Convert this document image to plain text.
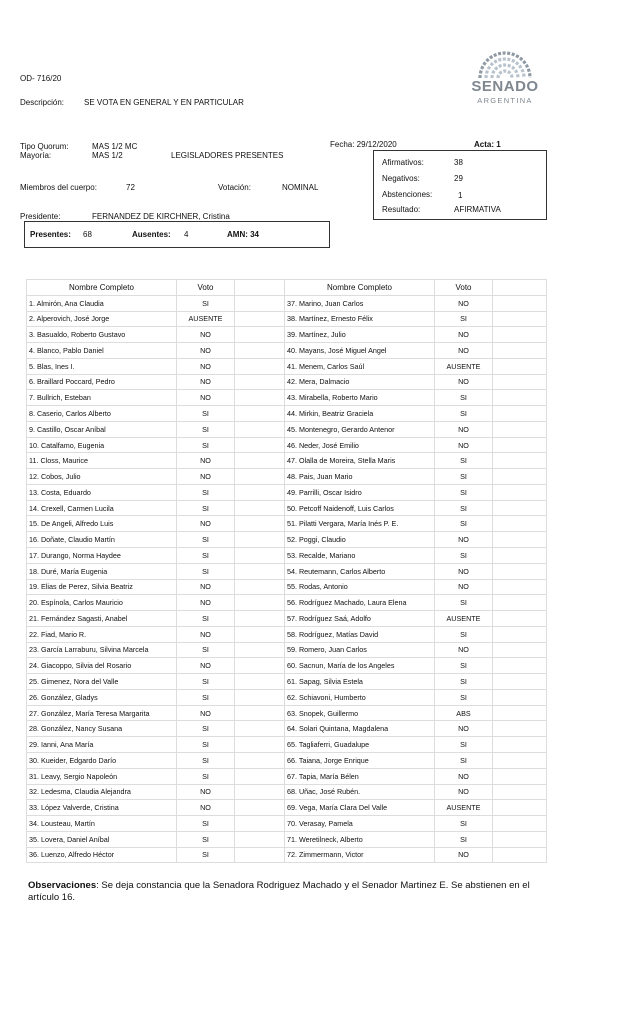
OD- 716/20
Descripción: SE VOTA EN GENERAL Y EN PARTICULAR
SENADO
ARGENTINA
Tipo Quorum:	MAS 1/2 MC
Mayoría:	MAS 1/2	LEGISLADORES PRESENTES
Fecha: 29/12/2020	Acta: 1
Miembros del cuerpo:	72	Votación:	NOMINAL
Presidente:	FERNANDEZ DE KIRCHNER, Cristina
Afirmativos:	38
Negativos:	29
Abstenciones:	1
Resultado:	AFIRMATIVA
Presentes: 68	Ausentes: 4	AMN: 34
Nombre Completo	Voto		Nombre Completo	Voto	
1. Almirón, Ana Claudia	SI		37. Marino, Juan Carlos	NO	
2. Alperovich, José Jorge	AUSENTE		38. Martínez, Ernesto Félix	SI	
3. Basualdo, Roberto Gustavo	NO		39. Martínez, Julio	NO	
4. Blanco, Pablo Daniel	NO		40. Mayans, José Miguel Angel	NO	
5. Blas, Ines I.	NO		41. Menem, Carlos Saúl	AUSENTE	
6. Braillard Poccard, Pedro	NO		42. Mera, Dalmacio	NO	
7. Bullrich, Esteban	NO		43. Mirabella, Roberto Mario	SI	
8. Caserio, Carlos Alberto	SI		44. Mirkin, Beatriz Graciela	SI	
9. Castillo, Oscar Aníbal	SI		45. Montenegro, Gerardo Antenor	NO	
10. Catalfamo, Eugenia	SI		46. Neder, José Emilio	NO	
11. Closs, Maurice	NO		47. Olalla de Moreira, Stella Maris	SI	
12. Cobos, Julio	NO		48. Pais, Juan Mario	SI	
13. Costa, Eduardo	SI		49. Parrilli, Oscar Isidro	SI	
14. Crexell, Carmen Lucila	SI		50. Petcoff Naidenoff, Luis Carlos	SI	
15. De Angeli, Alfredo Luis	NO		51. Pilatti Vergara, María Inés P. E.	SI	
16. Doñate, Claudio Martín	SI		52. Poggi, Claudio	NO	
17. Durango, Norma Haydee	SI		53. Recalde, Mariano	SI	
18. Duré, María Eugenia	SI		54. Reutemann, Carlos Alberto	NO	
19. Elias de Perez, Silvia Beatriz	NO		55. Rodas, Antonio	NO	
20. Espínola, Carlos Mauricio	NO		56. Rodríguez Machado, Laura Elena	SI	
21. Fernández Sagasti, Anabel	SI		57. Rodríguez Saá, Adolfo	AUSENTE	
22. Fiad, Mario R.	NO		58. Rodríguez, Matías David	SI	
23. García Larraburu, Silvina Marcela	SI		59. Romero, Juan Carlos	NO	
24. Giacoppo, Silvia del Rosario	NO		60. Sacnun, María de los Angeles	SI	
25. Gimenez, Nora del Valle	SI		61. Sapag, Silvia Estela	SI	
26. González, Gladys	SI		62. Schiavoni, Humberto	SI	
27. González, María Teresa Margarita	NO		63. Snopek, Guillermo	ABS	
28. González, Nancy Susana	SI		64. Solari Quintana, Magdalena	NO	
29. Ianni, Ana María	SI		65. Tagliaferri, Guadalupe	SI	
30. Kueider, Edgardo Darío	SI		66. Taiana, Jorge Enrique	SI	
31. Leavy, Sergio Napoleón	SI		67. Tapia, María Bélen	NO	
32. Ledesma, Claudia Alejandra	NO		68. Uñac, José Rubén.	NO	
33. López Valverde, Cristina	NO		69. Vega, María Clara Del Valle	AUSENTE	
34. Lousteau, Martín	SI		70. Verasay, Pamela	SI	
35. Lovera, Daniel Aníbal	SI		71. Weretilneck, Alberto	SI	
36. Luenzo, Alfredo Héctor	SI		72. Zimmermann, Victor	NO	
Observaciones: Se deja constancia que la Senadora Rodriguez Machado y el Senador Martinez E. Se abstienen en el artículo 16.
